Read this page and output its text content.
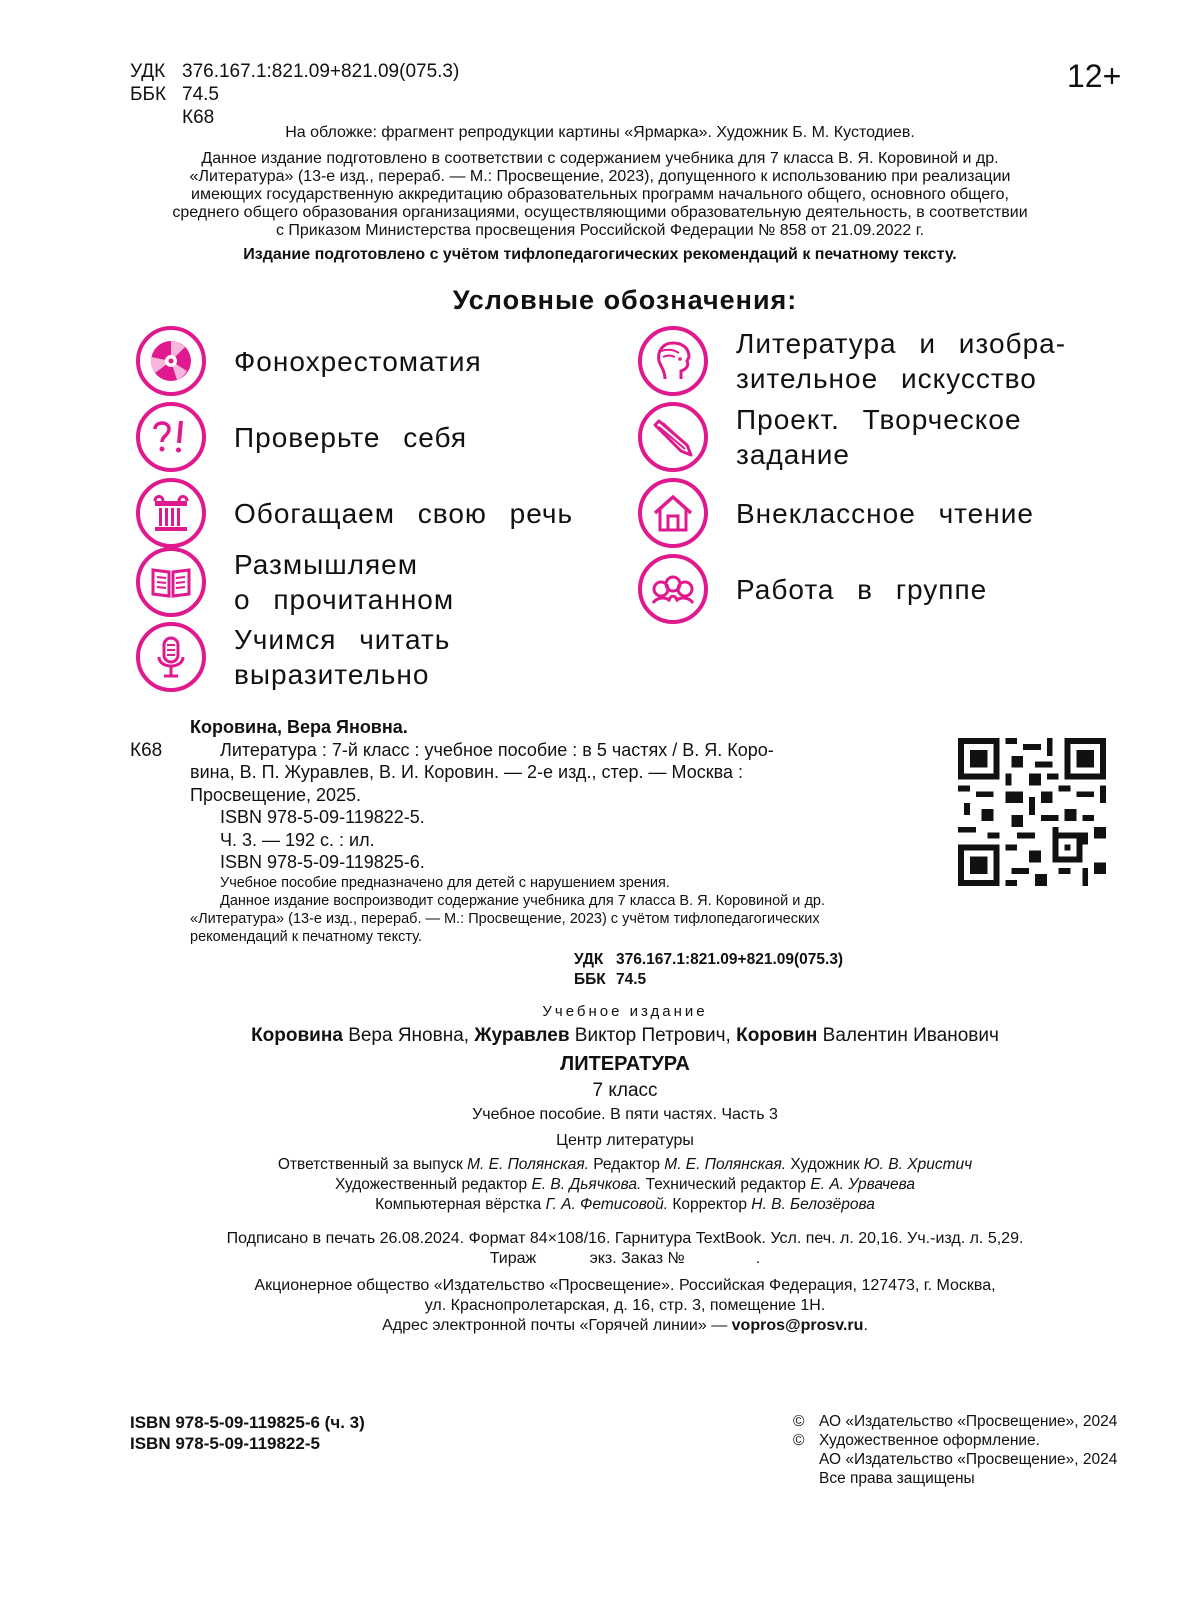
УДК 376.167.1:821.09+821.09(075.3)
ББК 74.5
К68
12+
На обложке: фрагмент репродукции картины «Ярмарка». Художник Б. М. Кустодиев.
Данное издание подготовлено в соответствии с содержанием учебника для 7 класса В. Я. Коровиной и др.
«Литература» (13-е изд., перераб. — М.: Просвещение, 2023), допущенного к использованию при реализации
имеющих государственную аккредитацию образовательных программ начального общего, основного общего,
среднего общего образования организациями, осуществляющими образовательную деятельность, в соответствии
с Приказом Министерства просвещения Российской Федерации № 858 от 21.09.2022 г.
Издание подготовлено с учётом тифлопедагогических рекомендаций к печатному тексту.
Условные обозначения:
Фонохрестоматия
Проверьте себя
Обогащаем свою речь
Размышляем
о прочитанном
Учимся читать
выразительно
Литература и изобра-
зительное искусство
Проект. Творческое
задание
Внеклассное чтение
Работа в группе
К68
Коровина, Вера Яновна.
Литература : 7-й класс : учебное пособие : в 5 частях / В. Я. Коро-
вина, В. П. Журавлев, В. И. Коровин. — 2-е изд., стер. — Москва :
Просвещение, 2025.
ISBN 978-5-09-119822-5.
Ч. 3. — 192 с. : ил.
ISBN 978-5-09-119825-6.
Учебное пособие предназначено для детей с нарушением зрения.
Данное издание воспроизводит содержание учебника для 7 класса В. Я. Коровиной и др.
«Литература» (13-е изд., перераб. — М.: Просвещение, 2023) с учётом тифлопедагогических
рекомендаций к печатному тексту.
УДК 376.167.1:821.09+821.09(075.3)
ББК 74.5
Учебное издание
Коровина Вера Яновна, Журавлев Виктор Петрович, Коровин Валентин Иванович
ЛИТЕРАТУРА
7 класс
Учебное пособие. В пяти частях. Часть 3
Центр литературы
Ответственный за выпуск М. Е. Полянская. Редактор М. Е. Полянская. Художник Ю. В. Христич
Художественный редактор Е. В. Дьячкова. Технический редактор Е. А. Урвачева
Компьютерная вёрстка Г. А. Фетисовой. Корректор Н. В. Белозёрова
Подписано в печать 26.08.2024. Формат 84×108/16. Гарнитура TextBook. Усл. печ. л. 20,16. Уч.-изд. л. 5,29.
Тираж	экз. Заказ №	.
Акционерное общество «Издательство «Просвещение». Российская Федерация, 127473, г. Москва,
ул. Краснопролетарская, д. 16, стр. 3, помещение 1Н.
Адрес электронной почты «Горячей линии» — vopros@prosv.ru.
ISBN 978-5-09-119825-6 (ч. 3)
ISBN 978-5-09-119822-5
© АО «Издательство «Просвещение», 2024
© Художественное оформление.
АО «Издательство «Просвещение», 2024
Все права защищены
